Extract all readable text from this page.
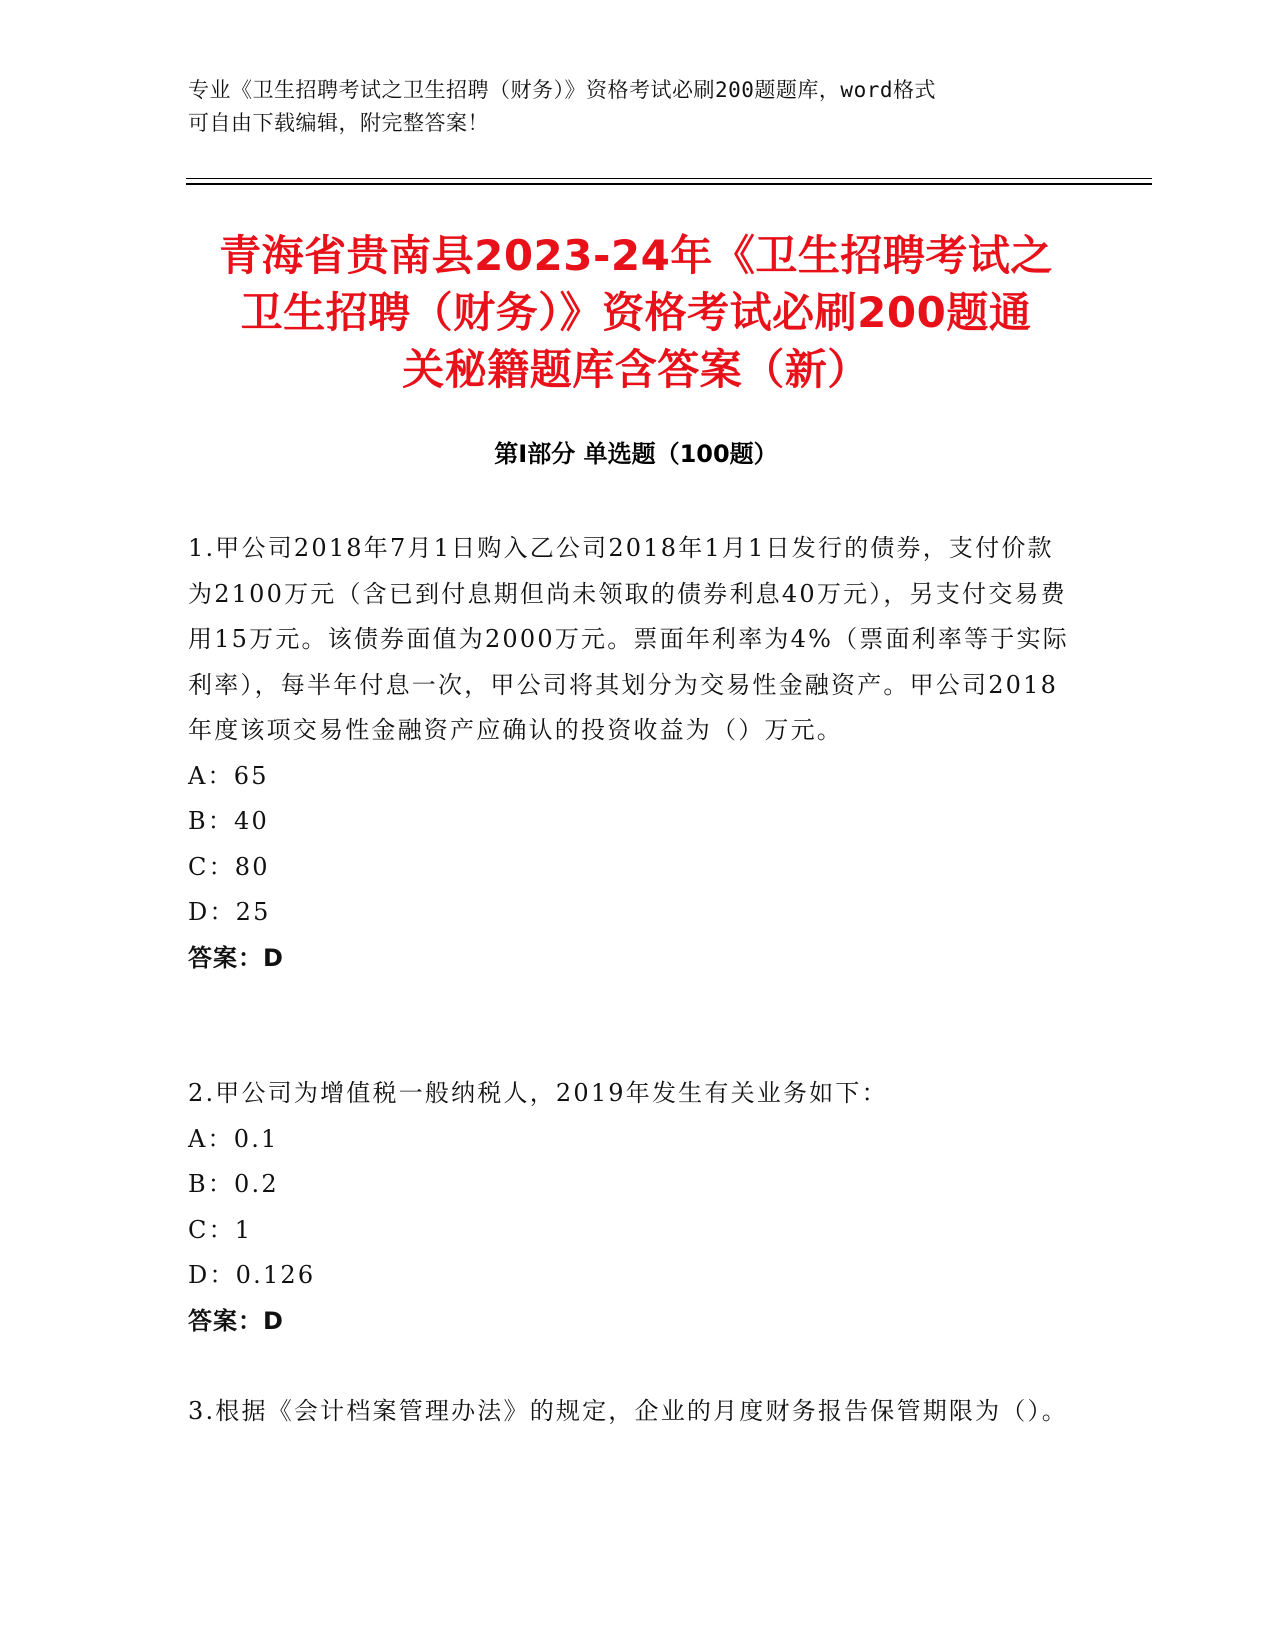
专业《卫生招聘考试之卫生招聘（财务）》资格考试必刷200题题库，word格式
可自由下载编辑，附完整答案！
青海省贵南县2023-24年《卫生招聘考试之
卫生招聘（财务）》资格考试必刷200题通
关秘籍题库含答案（新）
第Ⅰ部分 单选题（100题）

1.甲公司2018年7月1日购入乙公司2018年1月1日发行的债券，支付价款为2100万元（含已到付息期但尚未领取的债券利息40万元），另支付交易费用15万元。该债券面值为2000万元。票面年利率为4%（票面利率等于实际利率），每半年付息一次，甲公司将其划分为交易性金融资产。甲公司2018年度该项交易性金融资产应确认的投资收益为（）万元。

A：65

B：40

C：80

D：25

答案：D

2.甲公司为增值税一般纳税人，2019年发生有关业务如下：

A：0.1

B：0.2

C：1

D：0.126

答案：D

3.根据《会计档案管理办法》的规定，企业的月度财务报告保管期限为（）。
